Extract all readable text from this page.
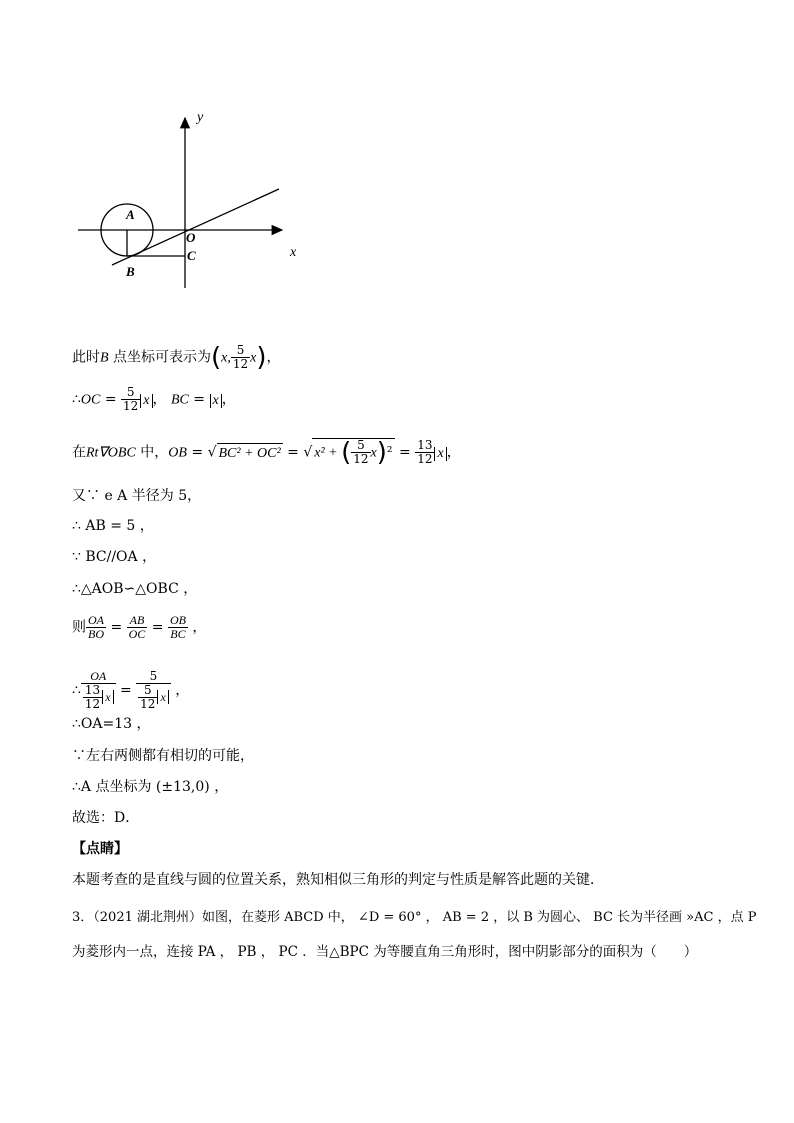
y
x
A
O
C
B
此时B 点坐标可表示为(x, $\frac{5}{12} x$)，
∴OC = $\frac{5}{12}$ x ， BC = x ，
在Rt∇OBC 中，OB = √ BC² + OC² = √ x² + ( $\frac{5}{12} x)^2 = \frac{13}{12}$ x ，
又∵ e A 半径为 5，
∴ AB = 5 ，
∵ BC//OA ，
∴△AOB∽△OBC ，
则 $\frac{OA}{BO} = \frac{AB}{OC} = \frac{OB}{BC}$ ，
∴ $\frac{OA}{\frac{13}{12} x} = \frac{5}{\frac{5}{12} x}$ ，
∴OA=13 ，
∵左右两侧都有相切的可能，
∴A 点坐标为 (±13,0) ，
故选：D．
【点睛】
本题考查的是直线与圆的位置关系，熟知相似三角形的判定与性质是解答此题的关键．
3．（2021 湖北荆州）如图，在菱形 ABCD 中， ∠D = 60° ， AB = 2 ，以 B 为圆心、 BC 长为半径画 »AC ，点 P
为菱形内一点，连接 PA ， PB ， PC ．当△BPC 为等腰直角三角形时，图中阴影部分的面积为（　　）
